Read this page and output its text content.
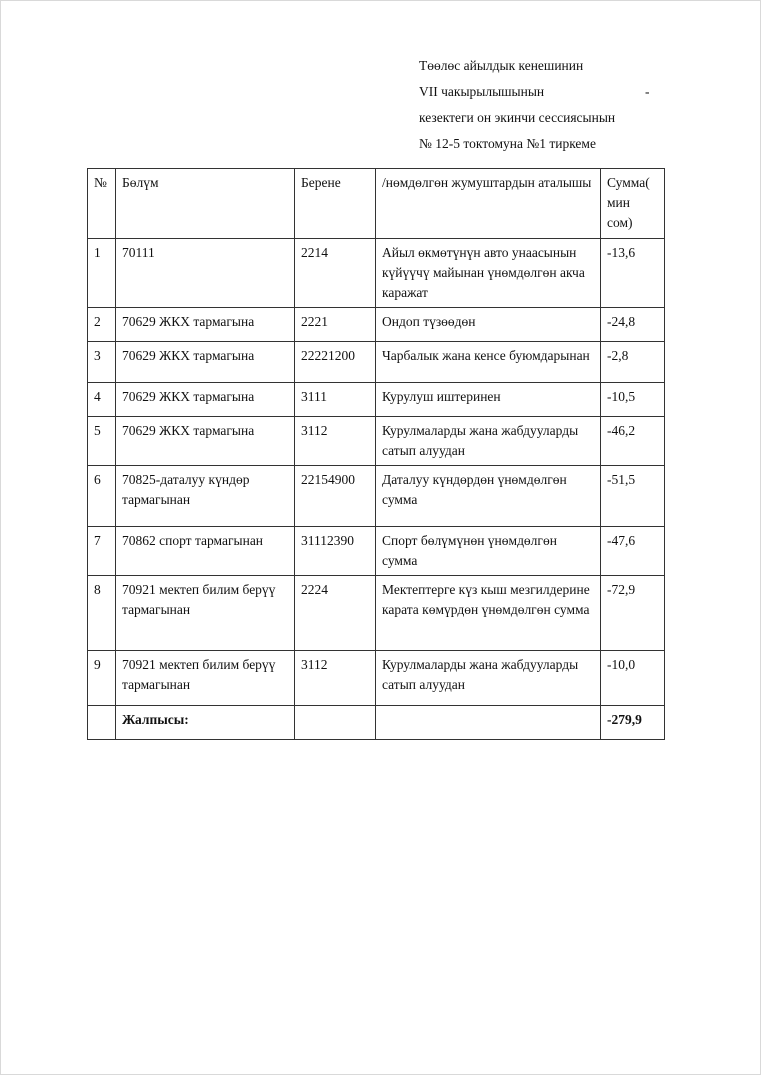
Төөлөс айылдык кенешинин
VII чакырылышынын	-
кезектеги он экинчи сессиясынын
№ 12-5 токтомуна №1 тиркеме
№	Бөлүм	Берене	/нөмдөлгөн жумуштардын аталышы	Сумма( мин сом)
1	70111	2214	Айыл өкмөтүнүн авто унаасынын күйүүчү майынан үнөмдөлгөн акча каражат	-13,6
2	70629 ЖКХ тармагына	2221	Ондоп түзөөдөн	-24,8
3	70629 ЖКХ тармагына	22221200	Чарбалык жана кенсе буюмдарынан	-2,8
4	70629 ЖКХ тармагына	3111	Курулуш иштеринен	-10,5
5	70629 ЖКХ тармагына	3112	Курулмаларды жана жабдууларды сатып алуудан	-46,2
6	70825-даталуу күндөр тармагынан	22154900	Даталуу күндөрдөн үнөмдөлгөн сумма	-51,5
7	70862 спорт тармагынан	31112390	Спорт бөлүмүнөн үнөмдөлгөн сумма	-47,6
8	70921 мектеп билим берүү тармагынан	2224	Мектептерге күз кыш мезгилдерине карата көмүрдөн үнөмдөлгөн сумма	-72,9
9	70921 мектеп билим берүү тармагынан	3112	Курулмаларды жана жабдууларды сатып алуудан	-10,0
	Жалпысы:			-279,9
